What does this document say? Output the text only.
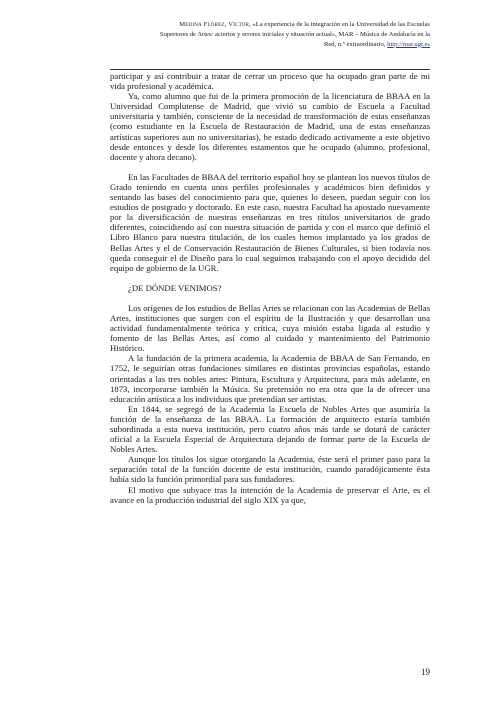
Medina Flórez, Víctor, «La experiencia de la integración en la Universidad de las Escuelas
Superiores de Artes: aciertos y errores iniciales y situación actual», MAR – Música de Andalucía en la
Red, n.º extraordinario, http://mar.ugr.es

participar y así contribuir a tratar de cerrar un proceso que ha ocupado gran parte de mi vida profesional y académica.

Ya, como alumno que fui de la primera promoción de la licenciatura de BBAA en la Universidad Complutense de Madrid, que vivió su cambio de Escuela a Facultad universitaria y también, consciente de la necesidad de transformación de estas enseñanzas (como estudiante en la Escuela de Restauración de Madrid, una de estas enseñanzas artísticas superiores aun no universitarias), he estado dedicado activamente a este objetivo desde entonces y desde los diferentes estamentos que he ocupado (alumno, profesional, docente y ahora decano).

En las Facultades de BBAA del territorio español hoy se plantean los nuevos títulos de Grado teniendo en cuenta unos perfiles profesionales y académicos bien definidos y sentando las bases del conocimiento para que, quienes lo deseen, puedan seguir con los estudios de postgrado y doctorado. En este caso, nuestra Facultad ha apostado nuevamente por la diversificación de nuestras enseñanzas en tres títulos universitarios de grado diferentes, coincidiendo así con nuestra situación de partida y con el marco que definió el Libro Blanco para nuestra titulación, de los cuales hemos implantado ya los grados de Bellas Artes y el de Conservación Restauración de Bienes Culturales, si bien todavía nos queda conseguir el de Diseño para lo cual seguimos trabajando con el apoyo decidido del equipo de gobierno de la UGR.

¿DE DÓNDE VENIMOS?

Los orígenes de los estudios de Bellas Artes se relacionan con las Academias de Bellas Artes, instituciones que surgen con el espíritu de la Ilustración y que desarrollan una actividad fundamentalmente teórica y crítica, cuya misión estaba ligada al estudio y fomento de las Bellas Artes, así como al cuidado y mantenimiento del Patrimonio Histórico.

A la fundación de la primera academia, la Academia de BBAA de San Fernando, en 1752, le seguirían otras fundaciones similares en distintas provincias españolas, estando orientadas a las tres nobles artes: Pintura, Escultura y Arquitectura, para más adelante, en 1873, incorporarse también la Música. Su pretensión no era otra que la de ofrecer una educación artística a los individuos que pretendían ser artistas.

En 1844, se segregó de la Academia la Escuela de Nobles Artes que asumiría la función de la enseñanza de las BBAA. La formación de arquitecto estaría también subordinada a esta nueva institución, pero cuatro años más tarde se dotará de carácter oficial a la Escuela Especial de Arquitectura dejando de formar parte de la Escuela de Nobles Artes.

Aunque los títulos los sigue otorgando la Academia, éste será el primer paso para la separación total de la función docente de esta institución, cuando paradójicamente ésta había sido la función primordial para sus fundadores.

El motivo que subyace tras la intención de la Academia de preservar el Arte, es el avance en la producción industrial del siglo XIX ya que,

19
